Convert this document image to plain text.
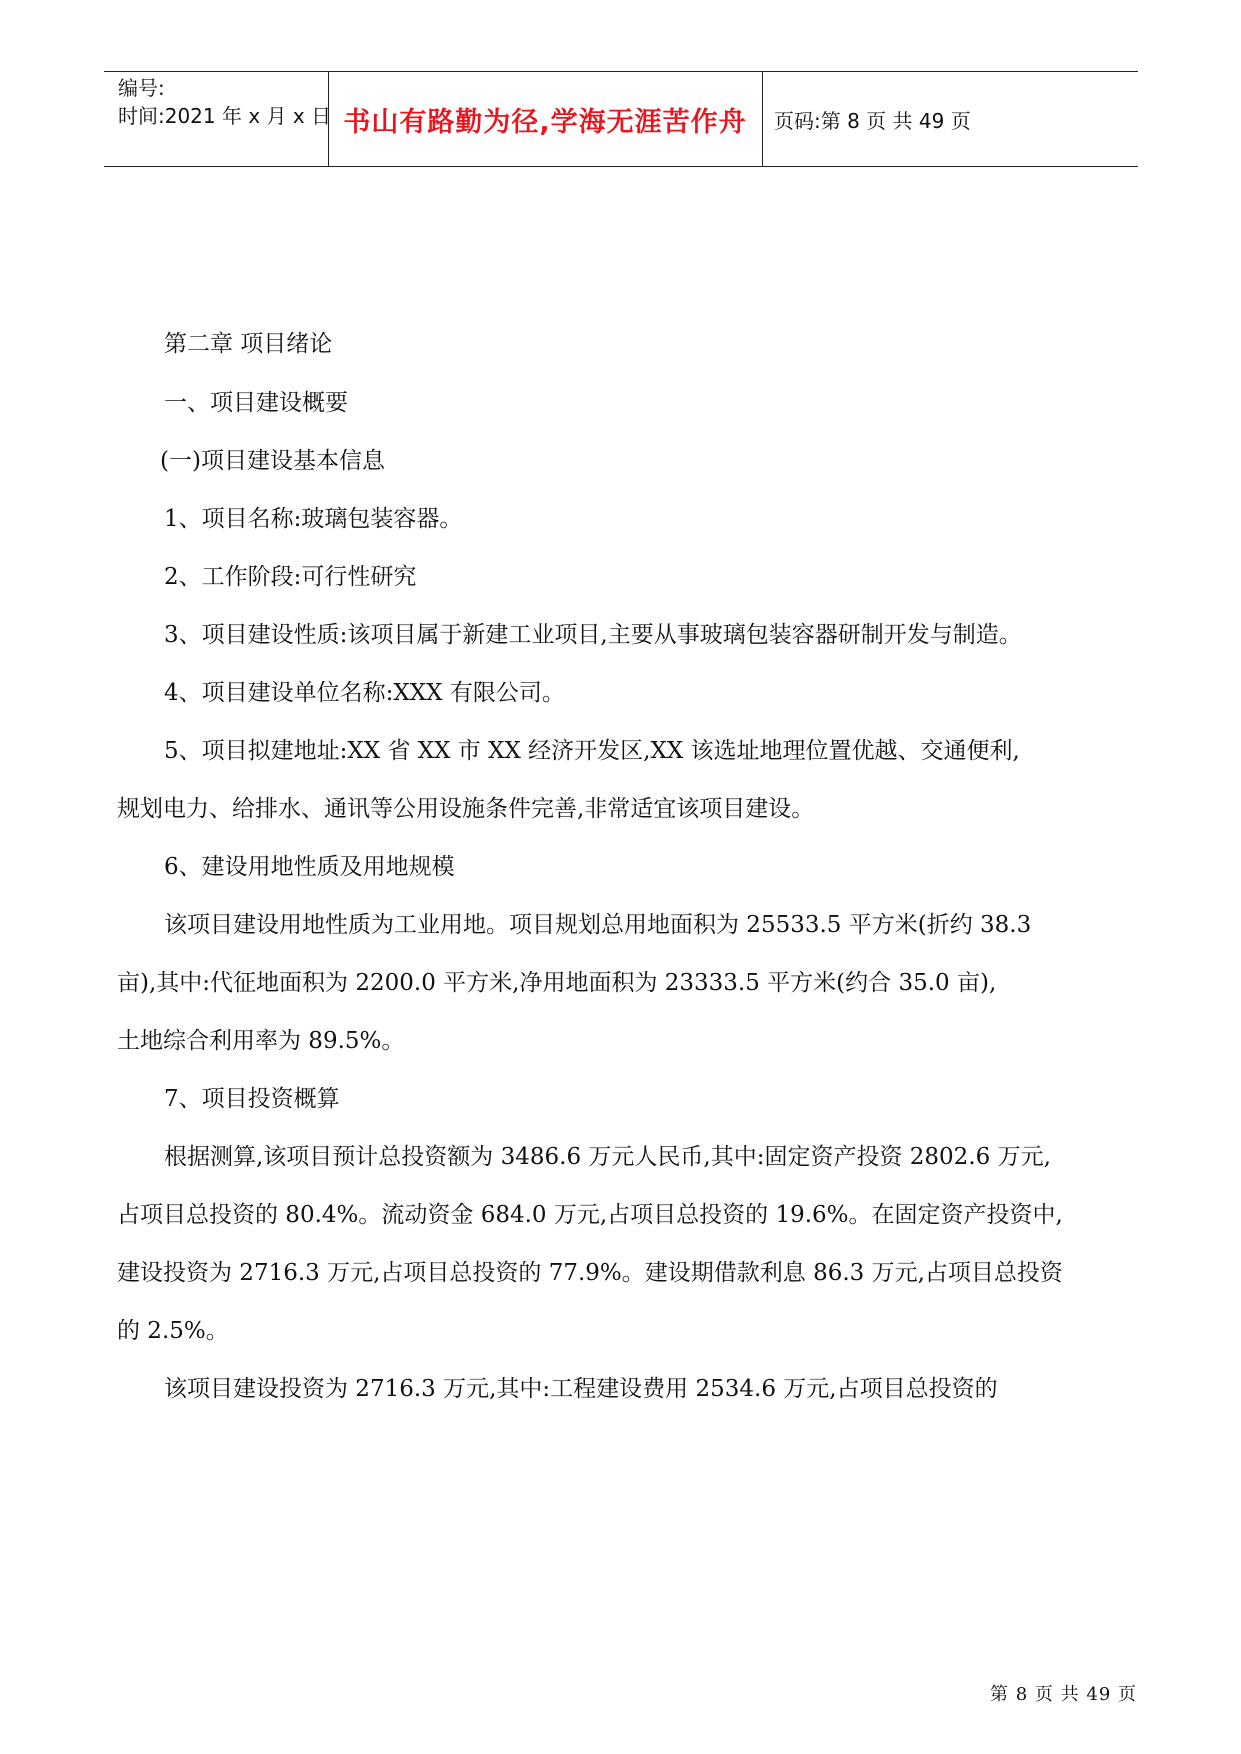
编号:
时间:2021 年 x 月 x 日 书山有路勤为径,学海无涯苦作舟	页码:第 8 页 共 49 页
第二章 项目绪论
一、项目建设概要
(一)项目建设基本信息
1、项目名称:玻璃包装容器。
2、工作阶段:可行性研究
3、项目建设性质:该项目属于新建工业项目,主要从事玻璃包装容器研制开发与制造。
4、项目建设单位名称:XXX 有限公司。
5、项目拟建地址:XX 省 XX 市 XX 经济开发区,XX 该选址地理位置优越、交通便利,
规划电力、给排水、通讯等公用设施条件完善,非常适宜该项目建设。
6、建设用地性质及用地规模
该项目建设用地性质为工业用地。项目规划总用地面积为 25533.5 平方米(折约 38.3
亩),其中:代征地面积为 2200.0 平方米,净用地面积为 23333.5 平方米(约合 35.0 亩),
土地综合利用率为 89.5%。
7、项目投资概算
根据测算,该项目预计总投资额为 3486.6 万元人民币,其中:固定资产投资 2802.6 万元,
占项目总投资的 80.4%。流动资金 684.0 万元,占项目总投资的 19.6%。在固定资产投资中,
建设投资为 2716.3 万元,占项目总投资的 77.9%。建设期借款利息 86.3 万元,占项目总投资
的 2.5%。
该项目建设投资为 2716.3 万元,其中:工程建设费用 2534.6 万元,占项目总投资的
第 8 页 共 49 页
